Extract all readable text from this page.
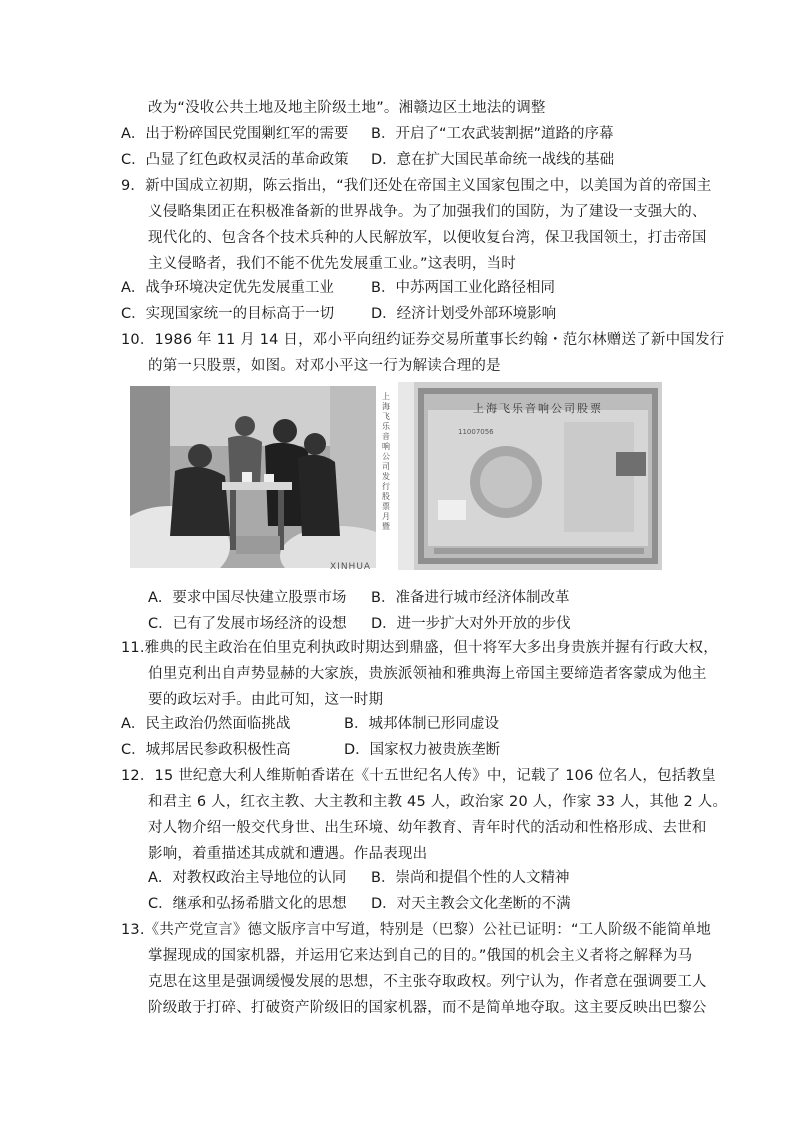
改为“没收公共土地及地主阶级土地”。湘赣边区土地法的调整
A．出于粉碎国民党围剿红军的需要 B．开启了“工农武装割据”道路的序幕
C．凸显了红色政权灵活的革命政策 D．意在扩大国民革命统一战线的基础
9．新中国成立初期，陈云指出，“我们还处在帝国主义国家包围之中，以美国为首的帝国主
义侵略集团正在积极准备新的世界战争。为了加强我们的国防，为了建设一支强大的、
现代化的、包含各个技术兵种的人民解放军，以便收复台湾，保卫我国领土，打击帝国
主义侵略者，我们不能不优先发展重工业。”这表明，当时
A．战争环境决定优先发展重工业	B．中苏两国工业化路径相同
C．实现国家统一的目标高于一切	D．经济计划受外部环境影响
10．1986 年 11 月 14 日，邓小平向纽约证券交易所董事长约翰・范尔林赠送了新中国发行
的第一只股票，如图。对邓小平这一行为解读合理的是
11007056
上海飞乐音响公司股票
上海飞乐音响公司发行股票月暨
XINHUA
A．要求中国尽快建立股票市场 B．准备进行城市经济体制改革
C．已有了发展市场经济的设想 D．进一步扩大对外开放的步伐
11.雅典的民主政治在伯里克利执政时期达到鼎盛，但十将军大多出身贵族并握有行政大权，
伯里克利出自声势显赫的大家族，贵族派领袖和雅典海上帝国主要缔造者客蒙成为他主
要的政坛对手。由此可知，这一时期
A．民主政治仍然面临挑战	B．城邦体制已形同虚设
C．城邦居民参政积极性高	D．国家权力被贵族垄断
12．15 世纪意大利人维斯帕香诺在《十五世纪名人传》中，记载了 106 位名人，包括教皇
和君主 6 人，红衣主教、大主教和主教 45 人，政治家 20 人，作家 33 人，其他 2 人。
对人物介绍一般交代身世、出生环境、幼年教育、青年时代的活动和性格形成、去世和
影响，着重描述其成就和遭遇。作品表现出
A．对教权政治主导地位的认同 B．崇尚和提倡个性的人文精神
C．继承和弘扬希腊文化的思想 D．对天主教会文化垄断的不满
13.《共产党宣言》德文版序言中写道，特别是（巴黎）公社已证明：“工人阶级不能简单地
掌握现成的国家机器，并运用它来达到自己的目的。”俄国的机会主义者将之解释为马
克思在这里是强调缓慢发展的思想，不主张夺取政权。列宁认为，作者意在强调要工人
阶级敢于打碎、打破资产阶级旧的国家机器，而不是简单地夺取。这主要反映出巴黎公
